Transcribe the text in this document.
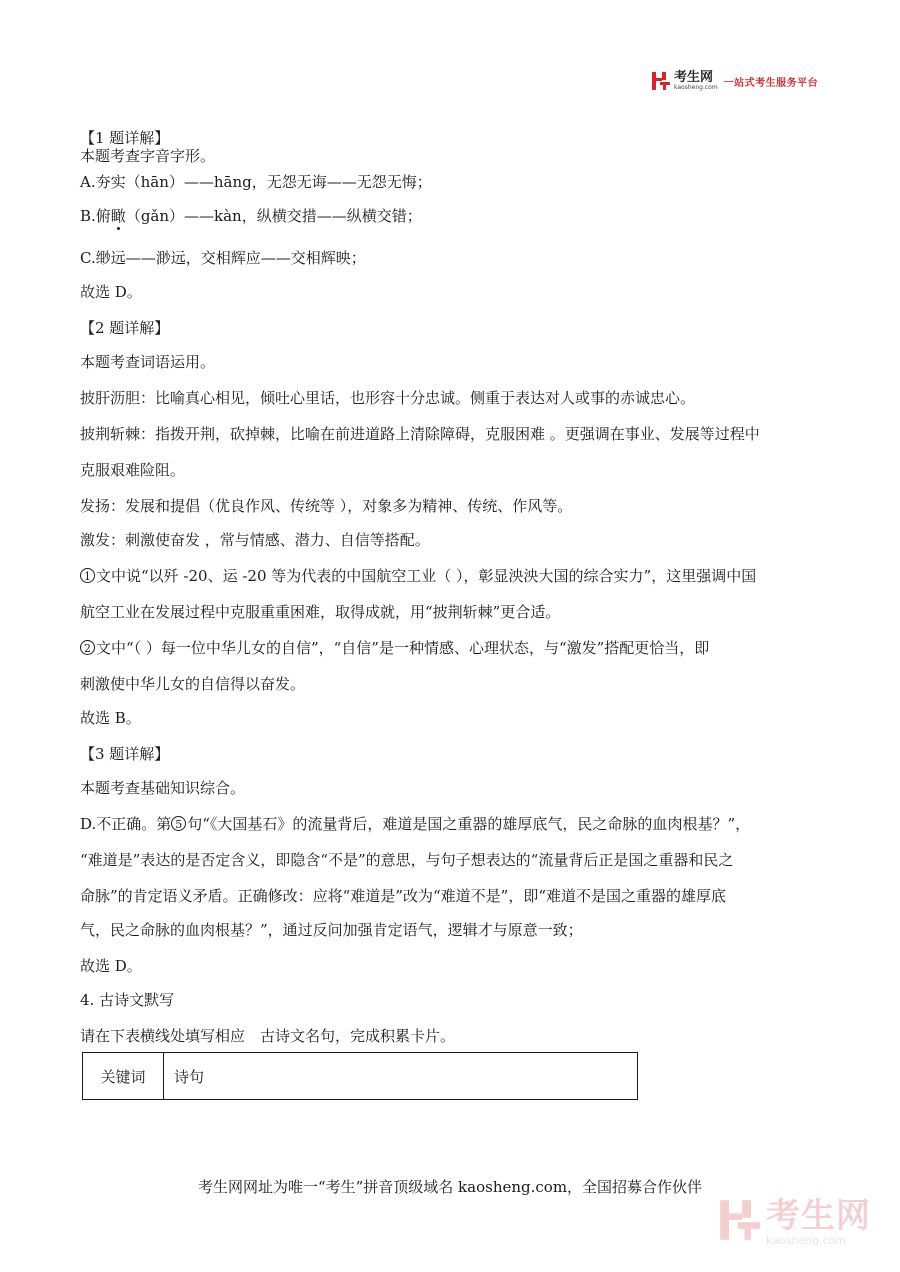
考生网
kaosheng.com 一站式考生服务平台
【1 题详解】
本题考查字音字形。
A.夯实（hān）——hāng，无怨无诲——无怨无悔；
B.俯瞰（gǎn）——kàn，纵横交措——纵横交错；
C.缈远——渺远，交相辉应——交相辉映；
故选 D。
【2 题详解】
本题考查词语运用。
披肝沥胆：比喻真心相见，倾吐心里话，也形容十分忠诚。侧重于表达对人或事的赤诚忠心。
披荆斩棘：指拨开荆，砍掉棘，比喻在前进道路上清除障碍，克服困难 。更强调在事业、发展等过程中
克服艰难险阻。
发扬：发展和提倡（优良作风、传统等 ），对象多为精神、传统、作风等。
激发：刺激使奋发 ，常与情感、潜力、自信等搭配。
1 文中说“以歼 -20、运 -20 等为代表的中国航空工业（ ），彰显泱泱大国的综合实力”，这里强调中国
航空工业在发展过程中克服重重困难，取得成就，用“披荆斩棘”更合适。
2 文中“（ ）每一位中华儿女的自信”，“自信”是一种情感、心理状态，与“激发”搭配更恰当，即
刺激使中华儿女的自信得以奋发。
故选 B。
【3 题详解】
本题考查基础知识综合。
D.不正确。第 5 句“《大国基石》的流量背后，难道是国之重器的雄厚底气，民之命脉的血肉根基？”，
“难道是”表达的是否定含义，即隐含“不是”的意思，与句子想表达的“流量背后正是国之重器和民之
命脉”的肯定语义矛盾。正确修改：应将“难道是”改为“难道不是”，即“难道不是国之重器的雄厚底
气，民之命脉的血肉根基？”，通过反问加强肯定语气，逻辑才与原意一致；
故选 D。
4. 古诗文默写
请在下表横线处填写相应　古诗文名句，完成积累卡片。
关键词	诗句
考生网网址为唯一“考生”拼音顶级域名 kaosheng.com，全国招募合作伙伴
考生网
kaosheng.com
